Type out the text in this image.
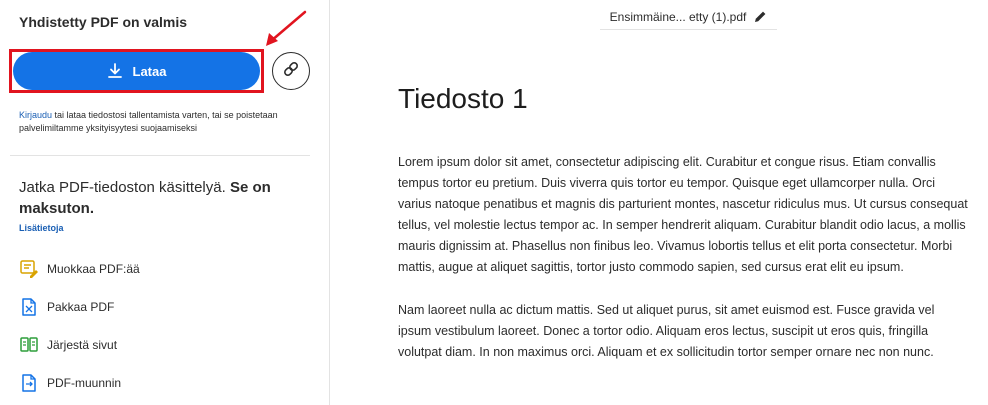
Yhdistetty PDF on valmis
Lataa
Kirjaudu tai lataa tiedostosi tallentamista varten, tai se poistetaan palvelimiltamme yksityisyytesi suojaamiseksi
Jatka PDF-tiedoston käsittelyä. Se on maksuton.
Lisätietoja
Muokkaa PDF:ää
Pakkaa PDF
Järjestä sivut
PDF-muunnin
Ensimmäine... etty (1).pdf
Tiedosto 1

Lorem ipsum dolor sit amet, consectetur adipiscing elit. Curabitur et congue risus. Etiam convallis tempus tortor eu pretium. Duis viverra quis tortor eu tempor. Quisque eget ullamcorper nulla. Orci varius natoque penatibus et magnis dis parturient montes, nascetur ridiculus mus. Ut cursus consequat tellus, vel molestie lectus tempor ac. In semper hendrerit aliquam. Curabitur blandit odio lacus, a mollis mauris dignissim at. Phasellus non finibus leo. Vivamus lobortis tellus et elit porta consectetur. Morbi mattis, augue at aliquet sagittis, tortor justo commodo sapien, sed cursus erat elit eu ipsum.

Nam laoreet nulla ac dictum mattis. Sed ut aliquet purus, sit amet euismod est. Fusce gravida vel ipsum vestibulum laoreet. Donec a tortor odio. Aliquam eros lectus, suscipit ut eros quis, fringilla volutpat diam. In non maximus orci. Aliquam et ex sollicitudin tortor semper ornare nec non nunc.
